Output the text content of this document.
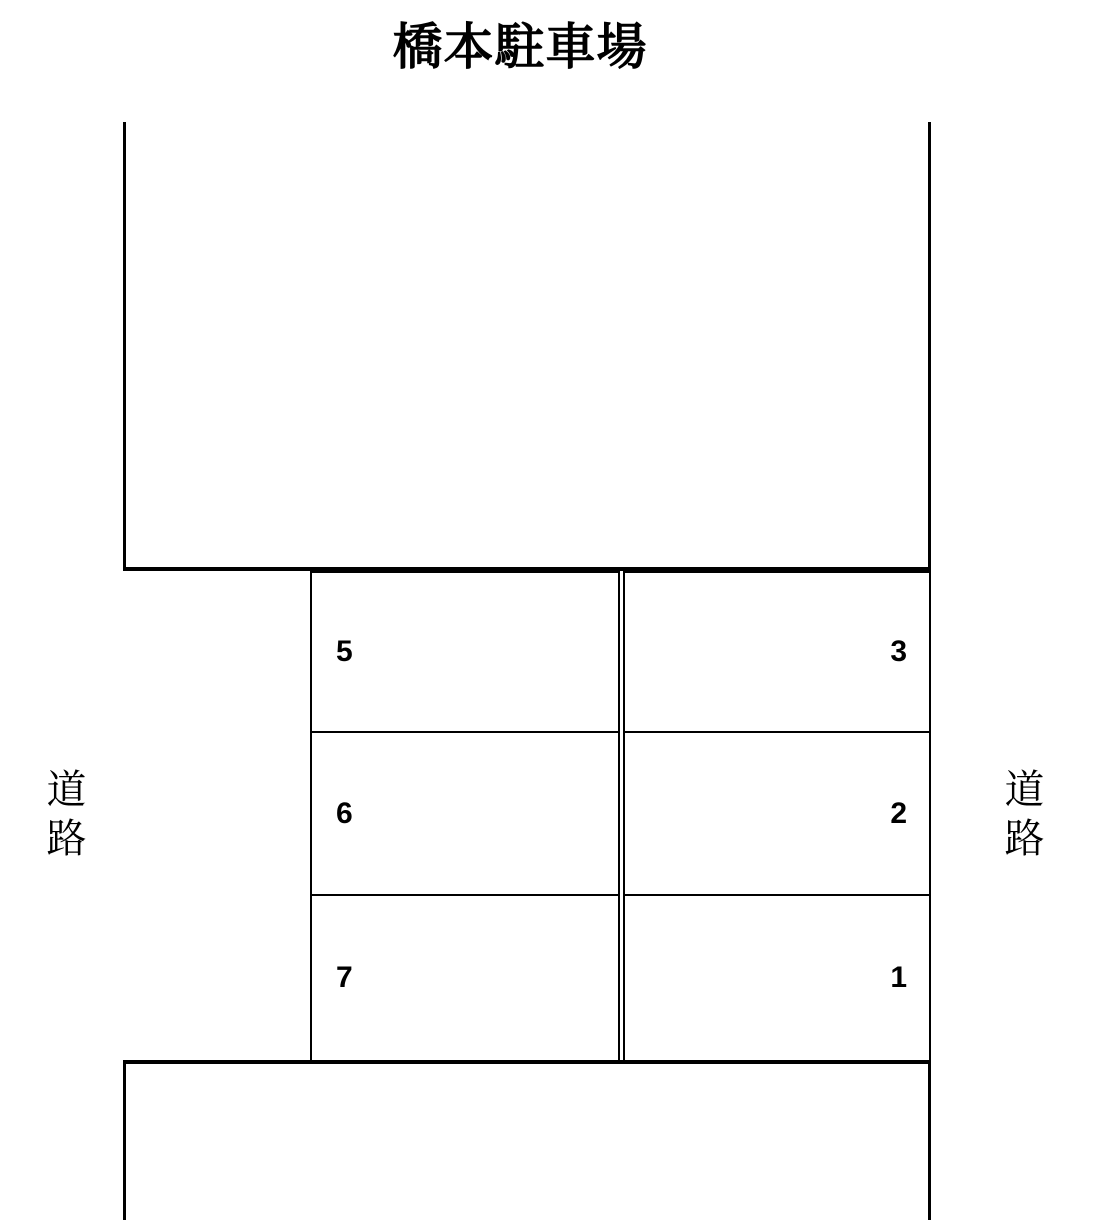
橋本駐車場
5
6
7
3
2
1
道路	道路
